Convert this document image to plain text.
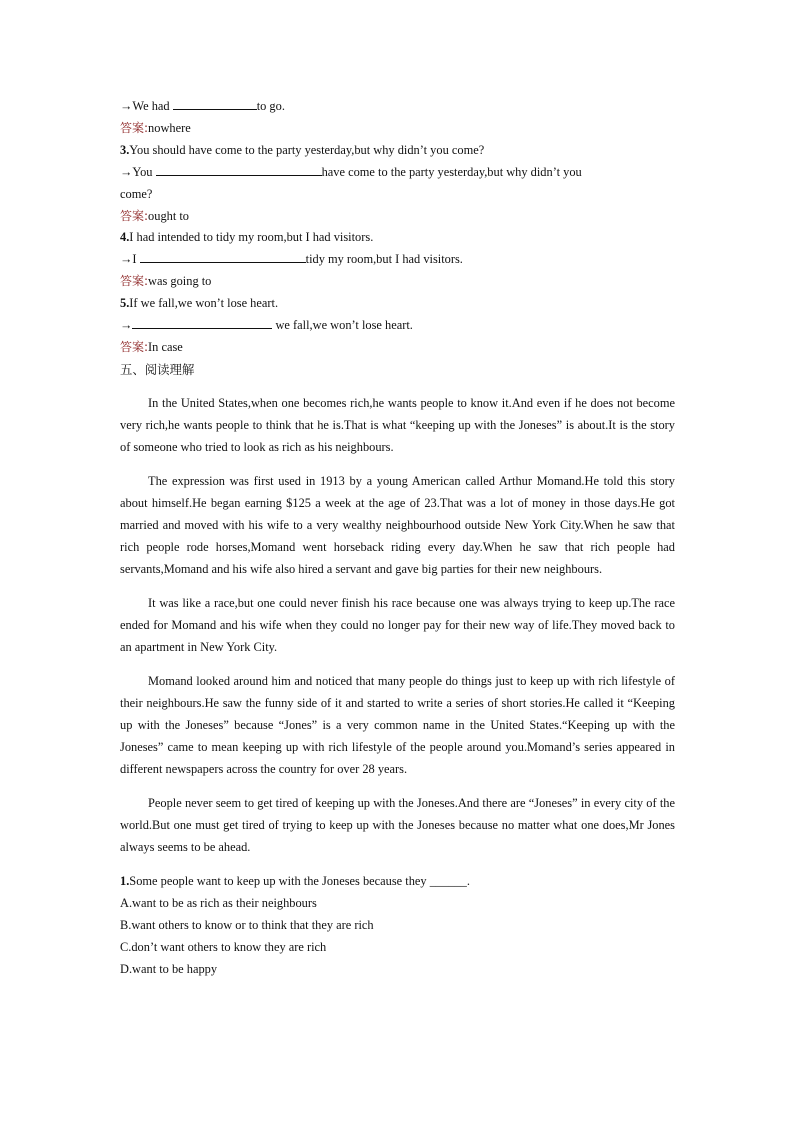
→We had	to go.

答案:nowhere

3.You should have come to the party yesterday,but why didn’t you come?

→You	have come to the party yesterday,but why didn’t you

come?

答案:ought to

4.I had intended to tidy my room,but I had visitors.

→I	tidy my room,but I had visitors.

答案:was going to

5.If we fall,we won’t lose heart.

→	we fall,we won’t lose heart.

答案:In case

五、阅读理解

In the United States,when one becomes rich,he wants people to know it.And even if he does not become very rich,he wants people to think that he is.That is what “keeping up with the Joneses” is about.It is the story of someone who tried to look as rich as his neighbours.

The expression was first used in 1913 by a young American called Arthur Momand.He told this story about himself.He began earning $125 a week at the age of 23.That was a lot of money in those days.He got married and moved with his wife to a very wealthy neighbourhood outside New York City.When he saw that rich people rode horses,Momand went horseback riding every day.When he saw that rich people had servants,Momand and his wife also hired a servant and gave big parties for their new neighbours.

It was like a race,but one could never finish his race because one was always trying to keep up.The race ended for Momand and his wife when they could no longer pay for their new way of life.They moved back to an apartment in New York City.

Momand looked around him and noticed that many people do things just to keep up with rich lifestyle of their neighbours.He saw the funny side of it and started to write a series of short stories.He called it “Keeping up with the Joneses” because “Jones” is a very common name in the United States.“Keeping up with the Joneses” came to mean keeping up with rich lifestyle of the people around you.Momand’s series appeared in different newspapers across the country for over 28 years.

People never seem to get tired of keeping up with the Joneses.And there are “Joneses” in every city of the world.But one must get tired of trying to keep up with the Joneses because no matter what one does,Mr Jones always seems to be ahead.

1.Some people want to keep up with the Joneses because they ______.

A.want to be as rich as their neighbours

B.want others to know or to think that they are rich

C.don’t want others to know they are rich

D.want to be happy
